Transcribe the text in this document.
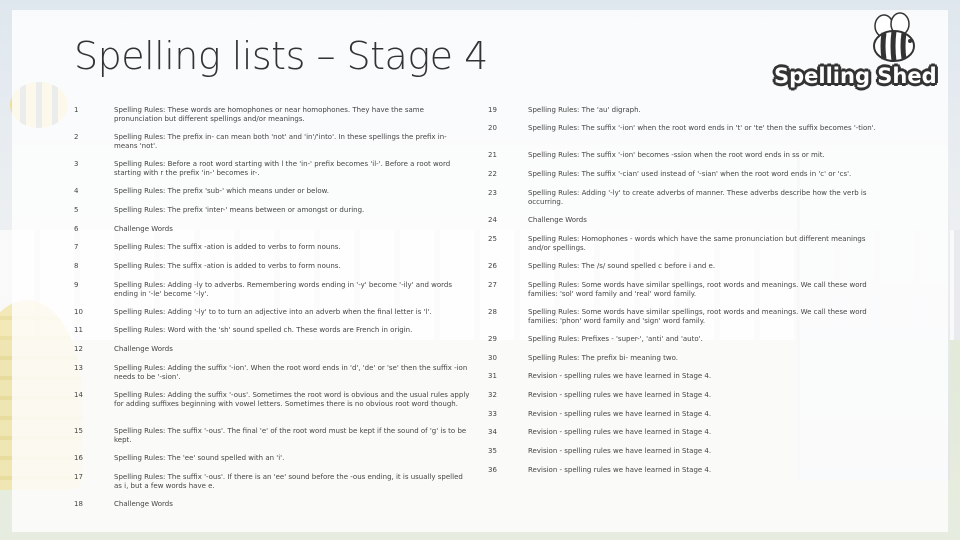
Spelling lists – Stage 4	Spelling Shed
1	Spelling Rules: These words are homophones or near homophones. They have the same pronunciation but different spellings and/or meanings.
2	Spelling Rules: The prefix in- can mean both 'not' and 'in'/'into'. In these spellings the prefix in- means 'not'.
3	Spelling Rules: Before a root word starting with l the 'in-' prefix becomes 'il-'. Before a root word starting with r the prefix 'in-' becomes ir-.
4	Spelling Rules: The prefix 'sub-' which means under or below.
5	Spelling Rules: The prefix 'inter-' means between or amongst or during.
6	Challenge Words
7	Spelling Rules: The suffix -ation is added to verbs to form nouns.
8	Spelling Rules: The suffix -ation is added to verbs to form nouns.
9	Spelling Rules: Adding -ly to adverbs. Remembering words ending in '-y' become '-ily' and words ending in '-le' become '-ly'.
10	Spelling Rules: Adding '-ly' to to turn an adjective into an adverb when the final letter is 'l'.
11	Spelling Rules: Word with the 'sh' sound spelled ch. These words are French in origin.
12	Challenge Words
13	Spelling Rules: Adding the suffix '-ion'. When the root word ends in 'd', 'de' or 'se' then the suffix -ion needs to be '-sion'.
14	Spelling Rules: Adding the suffix '-ous'. Sometimes the root word is obvious and the usual rules apply for adding suffixes beginning with vowel letters. Sometimes there is no obvious root word though.
15	Spelling Rules: The suffix '-ous'. The final 'e' of the root word must be kept if the sound of 'g' is to be kept.
16	Spelling Rules: The 'ee' sound spelled with an 'i'.
17	Spelling Rules: The suffix '-ous'. If there is an 'ee' sound before the -ous ending, it is usually spelled as i, but a few words have e.
18	Challenge Words
19	Spelling Rules: The 'au' digraph.
20	Spelling Rules: The suffix '-ion' when the root word ends in 't' or 'te' then the suffix becomes '-tion'.
21	Spelling Rules: The suffix '-ion' becomes -ssion when the root word ends in ss or mit.
22	Spelling Rules: The suffix '-cian' used instead of '-sian' when the root word ends in 'c' or 'cs'.
23	Spelling Rules: Adding '-ly' to create adverbs of manner. These adverbs describe how the verb is occurring.
24	Challenge Words
25	Spelling Rules: Homophones - words which have the same pronunciation but different meanings and/or spellings.
26	Spelling Rules: The /s/ sound spelled c before i and e.
27	Spelling Rules: Some words have similar spellings, root words and meanings. We call these word families: 'sol' word family and 'real' word family.
28	Spelling Rules: Some words have similar spellings, root words and meanings. We call these word families: 'phon' word family and 'sign' word family.
29	Spelling Rules: Prefixes - 'super-', 'anti' and 'auto'.
30	Spelling Rules: The prefix bi- meaning two.
31	Revision - spelling rules we have learned in Stage 4.
32	Revision - spelling rules we have learned in Stage 4.
33	Revision - spelling rules we have learned in Stage 4.
34	Revision - spelling rules we have learned in Stage 4.
35	Revision - spelling rules we have learned in Stage 4.
36	Revision - spelling rules we have learned in Stage 4.
